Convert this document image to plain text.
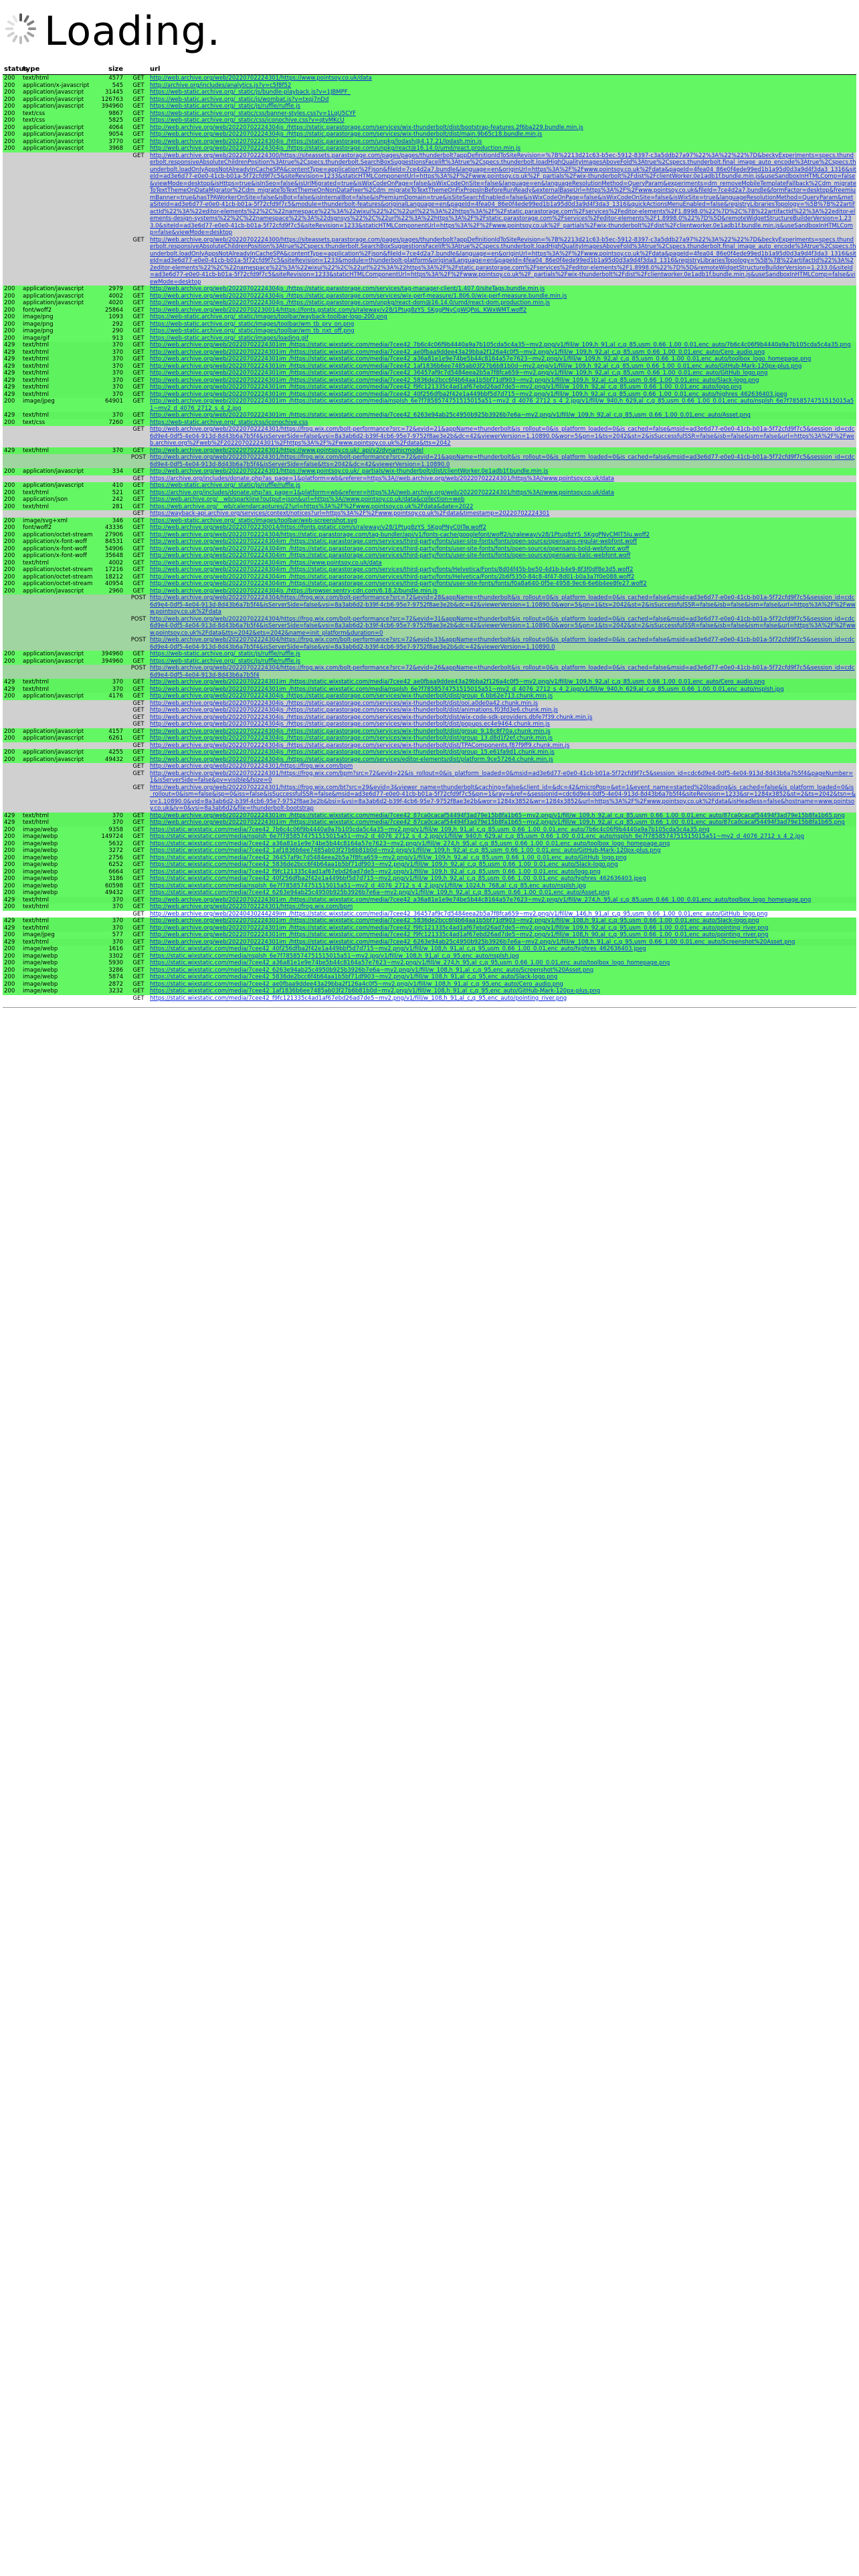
Loading.
status
type	size	url
200	text/html	4577	GET http://web.archive.org/web/20220702224301/https://www.pointsoy.co.uk/data
200	application/x-javascript	545	GET http://archive.org/includes/analytics.js?v=c5f8f52
200	application/javascript	31445	GET https://web-static.archive.org/_static/js/bundle-playback.js?v=1JBMPF_
200	application/javascript	126763	GET https://web-static.archive.org/_static/js/wombat.js?v=txqj7nDd
200	application/javascript	394960	GET https://web-static.archive.org/_static/js/ruffle/ruffle.js
200	text/css	9867	GET https://web-static.archive.org/_static/css/banner-styles.css?v=1LqU5CYF
200	text/css	5825	GET https://web-static.archive.org/_static/css/iconochive.css?v=qtvMKcU
200	application/javascript	4064	GET http://web.archive.org/web/20220702224304js_/https://static.parastorage.com/services/wix-thunderbolt/dist/bootstrap-features.2f6ba229.bundle.min.js
200	application/javascript	9054	GET http://web.archive.org/web/20220702224304js_/https://static.parastorage.com/services/wix-thunderbolt/dist/main.9b65c18.bundle.min.js
200	application/javascript	3770	GET http://web.archive.org/web/20220702224304js_/https://static.parastorage.com/unpkg/lodash@4.17.21/lodash.min.js
200	application/javascript	3968	GET http://web.archive.org/web/20220702224304js_/https://static.parastorage.com/unpkg/react@16.14.0/umd/react.production.min.js
GET http://web.archive.org/web/20220702224300/https://siteassets.parastorage.com/pages/pages/thunderbolt?appDefinitionIdToSiteRevision=%7B%2213d21c63-b5ec-5912-8397-c3a5ddb27a97%22%3A%22%22%7D&beckyExperiments=specs.thunderbolt.responsiveAbsoluteChildrenPosition%3Atrue%2Cspecs.thunderbolt.SearchBoxSuggestionsFacelift%3Atrue%2Cspecs.thunderbolt.loadHighQualityImagesAboveFold%3Atrue%2Cspecs.thunderbolt.final_image_auto_encode%3Atrue%2Cspecs.thunderbolt.loadOnlyAppsNotAlreadyInCacheSPA&contentType=application%2Fjson&fileId=7ce4d2a7.bundle&language=en&originUrl=https%3A%2F%2Fwww.pointsoy.co.uk%2Fdata&pageId=4fea04_86e0f4ede99ed1b1a95d0d3a9d4f3da3_1316&siteId=ad3e6d77-e0e0-41cb-b01a-5f72cfd9f7c5&siteRevision=1233&staticHTMLComponentUrl=https%3A%2F%2Fwww.pointsoy.co.uk%2F_partials%2Fwix-thunderbolt%2Fdist%2FclientWorker.0e1adb1f.bundle.min.js&useSandboxInHTMLComp=false&viewMode=desktop&isHttps=true&isInSeo=false&isUrlMigrated=true&isWixCodeOnPage=false&isWixCodeOnSite=false&language=en&languageResolutionMethod=QueryParam&experiments=dm_removeMobileTemplateFallback%2Cdm_migrateToTextThemeOnDataMigrator%2Cdm_migrateToTextThemeOnNonDataFixer%2Cdm_migrateToTextThemeOnFixPropsInBeforeRunReady&externalBaseUrl=https%3A%2F%2Fwww.pointsoy.co.uk&fileId=7ce4d2a7.bundle&formFactor=desktop&freemiumBanner=true&hasTPAWorkerOnSite=false&isBot=false&isInternalBot=false&isPremiumDomain=true&isSiteSearchEnabled=false&isWixCodeOnPage=false&isWixCodeOnSite=false&isWixSite=true&languageResolutionMethod=QueryParam&metaSiteId=ad3e6d77-e0e0-41cb-b01a-5f72cfd9f7c5&module=thunderbolt-features&originalLanguage=en&pageId=4fea04_86e0f4ede99ed1b1a95d0d3a9d4f3da3_1316&quickActionsMenuEnabled=false&registryLibrariesTopology=%5B%7B%22artifactId%22%3A%22editor-elements%22%2C%22namespace%22%3A%22wixui%22%2C%22url%22%3A%22https%3A%2F%2Fstatic.parastorage.com%2Fservices%2Feditor-elements%2F1.8998.0%22%7D%2C%7B%22artifactId%22%3A%22editor-elements-design-systems%22%2C%22namespace%22%3A%22dsgnsys%22%2C%22url%22%3A%22https%3A%2F%2Fstatic.parastorage.com%2Fservices%2Feditor-elements%2F1.8998.0%22%7D%5D&remoteWidgetStructureBuilderVersion=1.233.0&siteId=ad3e6d77-e0e0-41cb-b01a-5f72cfd9f7c5&siteRevision=1233&staticHTMLComponentUrl=https%3A%2F%2Fwww.pointsoy.co.uk%2F_partials%2Fwix-thunderbolt%2Fdist%2Fclientworker.0e1adb1f.bundle.min.js&useSandboxInHTMLComp=false&viewMode=desktop
GET http://web.archive.org/web/20220702224300/https://siteassets.parastorage.com/pages/pages/thunderbolt?appDefinitionIdToSiteRevision=%7B%2213d21c63-b5ec-5912-8397-c3a5ddb27a97%22%3A%22%22%7D&beckyExperiments=specs.thunderbolt.responsiveAbsoluteChildrenPosition%3Atrue%2Cspecs.thunderbolt.SearchBoxSuggestionsFacelift%3Atrue%2Cspecs.thunderbolt.loadHighQualityImagesAboveFold%3Atrue%2Cspecs.thunderbolt.final_image_auto_encode%3Atrue%2Cspecs.thunderbolt.loadOnlyAppsNotAlreadyInCacheSPA&contentType=application%2Fjson&fileId=7ce4d2a7.bundle&language=en&originUrl=https%3A%2F%2Fwww.pointsoy.co.uk%2Fdata&pageId=4fea04_86e0f4ede99ed1b1a95d0d3a9d4f3da3_1316&siteId=ad3e6d77-e0e0-41cb-b01a-5f72cfd9f7c5&siteRevision=1233&module=thunderbolt-platform&originalLanguage=en&pageId=4fea04_86e0f4ede99ed1b1a95d0d3a9d4f3da3_1316&registryLibrariesTopology=%5B%7B%22artifactId%22%3A%22editor-elements%22%2C%22namespace%22%3A%22wixui%22%2C%22url%22%3A%22https%3A%2F%2Fstatic.parastorage.com%2Fservices%2Feditor-elements%2F1.8998.0%22%7D%5D&remoteWidgetStructureBuilderVersion=1.233.0&siteId=ad3e6d77-e0e0-41cb-b01a-5f72cfd9f7c5&siteRevision=1233&staticHTMLComponentUrl=https%3A%2F%2Fwww.pointsoy.co.uk%2F_partials%2Fwix-thunderbolt%2Fdist%2Fclientworker.0e1adb1f.bundle.min.js&useSandboxInHTMLComp=false&viewMode=desktop
200	application/javascript	2979	GET http://web.archive.org/web/20220702224304js_/https://static.parastorage.com/services/tag-manager-client/1.407.0/siteTags.bundle.min.js
200	application/javascript	4002	GET http://web.archive.org/web/20220702224304js_/https://static.parastorage.com/services/wix-perf-measure/1.806.0/wix-perf-measure.bundle.min.js
200	application/javascript	4020	GET http://web.archive.org/web/20220702224304js_/https://static.parastorage.com/unpkg/react-dom@16.14.0/umd/react-dom.production.min.js
200	font/woff2	25864	GET http://web.archive.org/web/20220702230014/https://fonts.gstatic.com/s/raleway/v28/1Ptug8zYS_SKggPNyCgWQPoL_KWxWMT.woff2
200	image/png	1093	GET https://web-static.archive.org/_static/images/toolbar/wayback-toolbar-logo-200.png
200	image/png	292	GET https://web-static.archive.org/_static/images/toolbar/wm_tb_prv_on.png
200	image/png	290	GET https://web-static.archive.org/_static/images/toolbar/wm_tb_nxt_off.png
200	image/gif	913	GET https://web-static.archive.org/_static/images/loading.gif
429	text/html	370	GET http://web.archive.org/web/20220702224301im_/https://static.wixstatic.com/media/7cee42_7b6c4c06f9b4440a9a7b105cda5c4a35~mv2.png/v1/fill/w_109,h_91,al_c,q_85,usm_0.66_1.00_0.01,enc_auto/7b6c4c06f9b4440a9a7b105cda5c4a35.png
429	text/html	370	GET http://web.archive.org/web/20220702224301im_/https://static.wixstatic.com/media/7cee42_ae0fbaa9ddee43a29bba2f126a4c0f5~mv2.png/v1/fill/w_109,h_92,al_c,q_85,usm_0.66_1.00_0.01,enc_auto/Cero_audio.png
429	text/html	370	GET http://web.archive.org/web/20220702224301im_/https://static.wixstatic.com/media/7cee42_a36a81e1e9e74be5b44c8164a57e7623~mv2.png/v1/fill/w_109,h_92,al_c,q_85,usm_0.66_1.00_0.01,enc_auto/toolbox_logo_homepage.png
429	text/html	370	GET http://web.archive.org/web/20220702224301im_/https://static.wixstatic.com/media/7cee42_1af1836b6ee7485ab03f27b6b81b0d~mv2.png/v1/fill/w_109,h_92,al_c,q_85,usm_0.66_1.00_0.01,enc_auto/GitHub-Mark-120px-plus.png
429	text/html	370	GET http://web.archive.org/web/20220702224301im_/https://static.wixstatic.com/media/7cee42_36457af9c7d5484eea2b5a7f8fca659~mv2.png/v1/fill/w_109,h_92,al_c,q_85,usm_0.66_1.00_0.01,enc_auto/GitHub_logo.png
429	text/html	370	GET http://web.archive.org/web/20220702224301im_/https://static.wixstatic.com/media/7cee42_5836de2bcc6f4b64aa1b5bf71df903~mv2.png/v1/fill/w_109,h_92,al_c,q_85,usm_0.66_1.00_0.01,enc_auto/Slack-logo.png
429	text/html	370	GET http://web.archive.org/web/20220702224301im_/https://static.wixstatic.com/media/7cee42_f9fc121335c4ad1af67ebd26ad7de5~mv2.png/v1/fill/w_109,h_92,al_c,q_85,usm_0.66_1.00_0.01,enc_auto/logo.png
429	text/html	370	GET http://web.archive.org/web/20220702224301im_/https://static.wixstatic.com/media/7cee42_40f256dfba2f42e1a449bbf5d7d715~mv2.png/v1/fill/w_109,h_92,al_c,q_85,usm_0.66_1.00_0.01,enc_auto/highres_462636403.jpeg
200	image/jpeg	64901	GET http://web.archive.org/web/20220702224301im_/https://static.wixstatic.com/media/nsplsh_6e7f7858574751515015a51~mv2_d_4076_2712_s_4_2.jpg/v1/fill/w_940,h_629,al_c,q_85,usm_0.66_1.00_0.01,enc_auto/nsplsh_6e7f7858574751515015a51~mv2_d_4076_2712_s_4_2.jpg
429	text/html	370	GET http://web.archive.org/web/20220702224301im_/https://static.wixstatic.com/media/7cee42_6263e94ab25c4950b925b3926b7e6a~mv2.png/v1/fill/w_109,h_92,al_c,q_85,usm_0.66_1.00_0.01,enc_auto/Asset.png
200	text/css	7260	GET https://web-static.archive.org/_static/css/iconochive.css
GET http://web.archive.org/web/20220702224301/https://frog.wix.com/bolt-performance?src=72&evid=21&appName=thunderbolt&is_rollout=0&is_platform_loaded=0&is_cached=false&msid=ad3e6d77-e0e0-41cb-b01a-5f72cfd9f7c5&session_id=cdc6d9e4-0df5-4e04-913d-8d43b6a7b5f4&isServerSide=false&vsi=8a3ab6d2-b39f-4cb6-95e7-9752f8ae3e2b&dc=42&viewerVersion=1.10890.0&wor=5&pn=1&ts=2042&st=2&isSuccessfulSSR=false&isb=false&ism=false&url=https%3A%2F%2Fweb.archive.org%2Fweb%2F20220702224301%2Fhttps%3A%2F%2Fwww.pointsoy.co.uk%2Fdata&tts=2042
429	text/html	370	GET http://web.archive.org/web/20220702224301/https://www.pointsoy.co.uk/_api/v2/dynamicmodel
POST http://web.archive.org/web/20220702224301/https://frog.wix.com/bolt-performance?src=72&evid=21&appName=thunderbolt&is_rollout=0&is_platform_loaded=0&is_cached=false&msid=ad3e6d77-e0e0-41cb-b01a-5f72cfd9f7c5&session_id=cdc6d9e4-0df5-4e04-913d-8d43b6a7b5f4&isServerSide=false&tts=2042&dc=42&viewerVersion=1.10890.0
200	application/javascript	334	GET http://web.archive.org/web/20220702224301/https://www.pointsoy.co.uk/_partials/wix-thunderbolt/dist/clientWorker.0e1adb1f.bundle.min.js
GET https://archive.org/includes/donate.php?as_page=1&platform=wb&referer=https%3A//web.archive.org/web/20220702224301/https%3A//www.pointsoy.co.uk/data
200	application/javascript	410	GET https://web-static.archive.org/_static/js/ruffle/ruffle.js
200	text/html	521	GET https://archive.org/includes/donate.php?as_page=1&platform=wb&referer=https%3A//web.archive.org/web/20220702224301/https%3A//www.pointsoy.co.uk/data
200	application/json	242	GET https://web.archive.org/__wb/sparkline?output=json&url=https%3A//www.pointsoy.co.uk/data&collection=web
200	text/html	281	GET https://web.archive.org/__wb/calendarcaptures/2?url=https%3A%2F%2Fwww.pointsoy.co.uk%2Fdata&date=2022
GET https://wayback-api.archive.org/services/context/notices?url=https%3A%2F%2Fwww.pointsoy.co.uk%2Fdata&timestamp=20220702224301
200	image/svg+xml	346	GET https://web-static.archive.org/_static/images/toolbar/web-screenshot.svg
200	font/woff2	43336	GET http://web.archive.org/web/20220702230014/https://fonts.gstatic.com/s/raleway/v28/1Ptug8zYS_SKggPNyC0ITw.woff2
200	application/octet-stream	27906	GET http://web.archive.org/web/20220702224304/https://static.parastorage.com/tag-bundler/api/v1/fonts-cache/googlefont/woff2/s/raleway/v28/1Ptug8zYS_SKggPNyCMIT5lu.woff2
200	application/x-font-woff	84531	GET http://web.archive.org/web/20220702224304im_/https://static.parastorage.com/services/third-party/fonts/user-site-fonts/fonts/open-source/opensans-regular-webfont.woff
200	application/x-font-woff	54906	GET http://web.archive.org/web/20220702224304im_/https://static.parastorage.com/services/third-party/fonts/user-site-fonts/fonts/open-source/opensans-bold-webfont.woff
200	application/x-font-woff	35648	GET http://web.archive.org/web/20220702224304im_/https://static.parastorage.com/services/third-party/fonts/user-site-fonts/fonts/open-source/opensans-italic-webfont.woff
200	text/html	4002	GET http://web.archive.org/web/20220702224304im_/https://www.pointsoy.co.uk/data
200	application/octet-stream	17216	GET http://web.archive.org/web/20220702224304im_/https://static.parastorage.com/services/third-party/fonts/Helvetica/Fonts/8d04f45b-be50-4d1b-b4e9-8f3f0df8e3d5.woff2
200	application/octet-stream	18212	GET http://web.archive.org/web/20220702224304im_/https://static.parastorage.com/services/third-party/fonts/Helvetica/Fonts/2b6f5350-84c8-4f47-8d01-b0a3a7f0e088.woff2
200	application/octet-stream	40954	GET http://web.archive.org/web/20220702224304im_/https://static.parastorage.com/services/third-party/fonts/user-site-fonts/fonts/f0a8a640-0f5e-4958-9ec6-6e6b4ee8fe27.woff2
200	application/javascript	2960	GET http://web.archive.org/web/20220702224304js_/https://browser.sentry-cdn.com/6.18.2/bundle.min.js
POST http://web.archive.org/web/20220702224304/https://frog.wix.com/bolt-performance?src=72&evid=28&appName=thunderbolt&is_rollout=0&is_platform_loaded=0&is_cached=false&msid=ad3e6d77-e0e0-41cb-b01a-5f72cfd9f7c5&session_id=cdc6d9e4-0df5-4e04-913d-8d43b6a7b5f4&isServerSide=false&vsi=8a3ab6d2-b39f-4cb6-95e7-9752f8ae3e2b&dc=42&viewerVersion=1.10890.0&wor=5&pn=1&ts=2042&st=2&isSuccessfulSSR=false&isb=false&ism=false&url=https%3A%2F%2Fwww.pointsoy.co.uk%2Fdata
POST http://web.archive.org/web/20220702224304/https://frog.wix.com/bolt-performance?src=72&evid=31&appName=thunderbolt&is_rollout=0&is_platform_loaded=0&is_cached=false&msid=ad3e6d77-e0e0-41cb-b01a-5f72cfd9f7c5&session_id=cdc6d9e4-0df5-4e04-913d-8d43b6a7b5f4&isServerSide=false&vsi=8a3ab6d2-b39f-4cb6-95e7-9752f8ae3e2b&dc=42&viewerVersion=1.10890.0&wor=5&pn=1&ts=2042&st=2&isSuccessfulSSR=false&isb=false&ism=false&url=https%3A%2F%2Fwww.pointsoy.co.uk%2Fdata&tts=2042&ets=2042&name=init_platform&duration=0
POST http://web.archive.org/web/20220702224304/https://frog.wix.com/bolt-performance?src=72&evid=33&appName=thunderbolt&is_rollout=0&is_platform_loaded=0&is_cached=false&msid=ad3e6d77-e0e0-41cb-b01a-5f72cfd9f7c5&session_id=cdc6d9e4-0df5-4e04-913d-8d43b6a7b5f4&isServerSide=false&vsi=8a3ab6d2-b39f-4cb6-95e7-9752f8ae3e2b&dc=42&viewerVersion=1.10890.0
200	application/javascript	394960	GET https://web-static.archive.org/_static/js/ruffle/ruffle.js
200	application/javascript	394960	GET https://web-static.archive.org/_static/js/ruffle/ruffle.js
POST http://web.archive.org/web/20220702224304/https://frog.wix.com/bolt-performance?src=72&evid=26&appName=thunderbolt&is_rollout=0&is_platform_loaded=0&is_cached=false&msid=ad3e6d77-e0e0-41cb-b01a-5f72cfd9f7c5&session_id=cdc6d9e4-0df5-4e04-913d-8d43b6a7b5f4
429	text/html	370	GET http://web.archive.org/web/20220702224301im_/https://static.wixstatic.com/media/7cee42_ae0fbaa9ddee43a29bba2f126a4c0f5~mv2.png/v1/fill/w_109,h_92,al_c,q_85,usm_0.66_1.00_0.01,enc_auto/Cero_audio.png
429	text/html	370	GET http://web.archive.org/web/20220702224301im_/https://static.wixstatic.com/media/nsplsh_6e7f7858574751515015a51~mv2_d_4076_2712_s_4_2.jpg/v1/fill/w_940,h_629,al_c,q_85,usm_0.66_1.00_0.01,enc_auto/nsplsh.jpg
200	application/javascript	4176	GET http://web.archive.org/web/20220702224304js_/https://static.parastorage.com/services/wix-thunderbolt/dist/group_6.bb62e713.chunk.min.js
GET http://web.archive.org/web/20220702224304js_/https://static.parastorage.com/services/wix-thunderbolt/dist/ooi.a0de0a42.chunk.min.js
GET http://web.archive.org/web/20220702224304js_/https://static.parastorage.com/services/wix-thunderbolt/dist/animations.f03fd3e6.chunk.min.js
GET http://web.archive.org/web/20220702224304js_/https://static.parastorage.com/services/wix-thunderbolt/dist/wix-code-sdk-providers.dbfe7f39.chunk.min.js
GET http://web.archive.org/web/20220702224304js_/https://static.parastorage.com/services/wix-thunderbolt/dist/popups.ec4e9464.chunk.min.js
200	application/javascript	4157	GET http://web.archive.org/web/20220702224304js_/https://static.parastorage.com/services/wix-thunderbolt/dist/group_9.18c8f70a.chunk.min.js
200	application/javascript	6261	GET http://web.archive.org/web/20220702224304js_/https://static.parastorage.com/services/wix-thunderbolt/dist/group_13.d8d1f2ef.chunk.min.js
GET http://web.archive.org/web/20220702224304js_/https://static.parastorage.com/services/wix-thunderbolt/dist/TPAComponents.f87f9ff9.chunk.min.js
200	application/javascript	4255	GET http://web.archive.org/web/20220702224304js_/https://static.parastorage.com/services/wix-thunderbolt/dist/group_15.e61fa9d1.chunk.min.js
200	application/javascript	49432	GET http://web.archive.org/web/20220702224304js_/https://static.parastorage.com/services/editor-elements/dist/platform.9ce57264.chunk.min.js
GET http://web.archive.org/web/20220702224301/https://frog.wix.com/bpm
GET http://web.archive.org/web/20220702224301/https://frog.wix.com/bpm?src=72&evid=22&is_rollout=0&is_platform_loaded=0&msid=ad3e6d77-e0e0-41cb-b01a-5f72cfd9f7c5&session_id=cdc6d9e4-0df5-4e04-913d-8d43b6a7b5f4&pageNumber=1&isServerSide=false&pv=visible&fsize=0
GET http://web.archive.org/web/20220702224301/https://frog.wix.com/bt?src=29&evid=3&viewer_name=thunderbolt&caching=false&client_id=&dc=42&microPop=&et=1&event_name=started%20loading&is_cached=false&is_platform_loaded=0&is_rollout=0&ism=false&isp=0&iss=false&isSuccessfulSSR=false&msid=ad3e6d77-e0e0-41cb-b01a-5f72cfd9f7c5&pn=1&ray=&ref=&sessionId=cdc6d9e4-0df5-4e04-913d-8d43b6a7b5f4&siteRevision=1233&sr=1284x3852&st=2&ts=2042&tsn=&v=1.10890.0&vid=8a3ab6d2-b39f-4cb6-95e7-9752f8ae3e2b&bsi=&vsi=8a3ab6d2-b39f-4cb6-95e7-9752f8ae3e2b&wor=1284x3852&wr=1284x3852&url=https%3A%2F%2Fwww.pointsoy.co.uk%2Fdata&isHeadless=false&hostname=www.pointsoy.co.uk&lv=0&vsi=8a3ab6d2&file=thunderbolt-bootstrap
429	text/html	370	GET http://web.archive.org/web/20220702224301im_/https://static.wixstatic.com/media/7cee42_87ca0cacaf54494f3ad79e15b8fa1b65~mv2.png/v1/fill/w_109,h_92,al_c,q_85,usm_0.66_1.00_0.01,enc_auto/87ca0cacaf54494f3ad79e15b8fa1b65.png
429	text/html	370	GET http://web.archive.org/web/20220702224301im_/https://static.wixstatic.com/media/7cee42_87ca0cacaf54494f3ad79e15b8fa1b65~mv2.png/v1/fill/w_109,h_92,al_c,q_85,usm_0.66_1.00_0.01,enc_auto/87ca0cacaf54494f3ad79e15b8fa1b65.png
200	image/webp	9358	GET https://static.wixstatic.com/media/7cee42_7b6c4c06f9b4440a9a7b105cda5c4a35~mv2.png/v1/fill/w_109,h_91,al_c,q_85,usm_0.66_1.00_0.01,enc_auto/7b6c4c06f9b4440a9a7b105cda5c4a35.png
200	image/webp	149724	GET https://static.wixstatic.com/media/nsplsh_6e7f7858574751515015a51~mv2_d_4076_2712_s_4_2.jpg/v1/fill/w_940,h_629,al_c,q_85,usm_0.66_1.00_0.01,enc_auto/nsplsh_6e7f7858574751515015a51~mv2_d_4076_2712_s_4_2.jpg
200	image/webp	5632	GET https://static.wixstatic.com/media/7cee42_a36a81e1e9e74be5b44c8164a57e7623~mv2.png/v1/fill/w_274,h_95,al_c,q_85,usm_0.66_1.00_0.01,enc_auto/toolbox_logo_homepage.png
200	image/webp	3272	GET https://static.wixstatic.com/media/7cee42_1af1836b6ee7485ab03f27b6b81b0d~mv2.png/v1/fill/w_109,h_92,al_c,q_85,usm_0.66_1.00_0.01,enc_auto/GitHub-Mark-120px-plus.png
200	image/webp	2756	GET https://static.wixstatic.com/media/7cee42_36457af9c7d5484eea2b5a7f8fca659~mv2.png/v1/fill/w_109,h_92,al_c,q_85,usm_0.66_1.00_0.01,enc_auto/GitHub_logo.png
200	image/webp	6252	GET https://static.wixstatic.com/media/7cee42_5836de2bcc6f4b64aa1b5bf71df903~mv2.png/v1/fill/w_109,h_92,al_c,q_85,usm_0.66_1.00_0.01,enc_auto/Slack-logo.png
200	image/webp	6664	GET https://static.wixstatic.com/media/7cee42_f9fc121335c4ad1af67ebd26ad7de5~mv2.png/v1/fill/w_109,h_92,al_c,q_85,usm_0.66_1.00_0.01,enc_auto/logo.png
200	image/webp	3186	GET https://static.wixstatic.com/media/7cee42_40f256dfba2f42e1a449bbf5d7d715~mv2.png/v1/fill/w_109,h_92,al_c,q_85,usm_0.66_1.00_0.01,enc_auto/highres_462636403.jpeg
200	image/webp	60598	GET https://static.wixstatic.com/media/nsplsh_6e7f7858574751515015a51~mv2_d_4076_2712_s_4_2.jpg/v1/fill/w_1024,h_768,al_c,q_85,enc_auto/nsplsh.jpg
200	image/webp	49432	GET https://static.wixstatic.com/media/7cee42_6263e94ab25c4950b925b3926b7e6a~mv2.png/v1/fill/w_109,h_92,al_c,q_85,usm_0.66_1.00_0.01,enc_auto/Asset.png
429	text/html	370	GET http://web.archive.org/web/20220702224301im_/https://static.wixstatic.com/media/7cee42_a36a81e1e9e74be5b44c8164a57e7623~mv2.png/v1/fill/w_274,h_95,al_c,q_85,usm_0.66_1.00_0.01,enc_auto/toolbox_logo_homepage.png
200	text/html	370	GET http://web.archive.org/web/20220702224301/https://frog.wix.com/bpm
GET http://web.archive.org/web/20240430244249im_/https://static.wixstatic.com/media/7cee42_36457af9c7d5484eea2b5a7f8fca659~mv2.png/v1/fill/w_146,h_91,al_c,q_95,usm_0.66_1.00_0.01,enc_auto/GitHub_logo.png
429	text/html	370	GET http://web.archive.org/web/20220702224301im_/https://static.wixstatic.com/media/7cee42_5836de2bcc6f4b64aa1b5bf71df903~mv2.png/v1/fill/w_108,h_91,al_c,q_95,usm_0.66_1.00_0.01,enc_auto/Slack-logo.png
429	text/html	370	GET http://web.archive.org/web/20220702224301im_/https://static.wixstatic.com/media/7cee42_f9fc121335c4ad1af67ebd26ad7de5~mv2.png/v1/fill/w_109,h_92,al_c,q_95,usm_0.66_1.00_0.01,enc_auto/pointing_river.png
200	image/jpeg	577	GET http://web.archive.org/web/20220702224301im_/https://static.wixstatic.com/media/7cee42_f9fc121335c4ad1af67ebd26ad7de5~mv2.png/v1/fill/w_108,h_90,al_c,q_95,usm_0.66_1.00_0.01,enc_auto/pointing_river.png
429	text/html	370	GET http://web.archive.org/web/20220702224301im_/https://static.wixstatic.com/media/7cee42_6263e94ab25c4950b925b3926b7e6a~mv2.png/v1/fill/w_108,h_91,al_c,q_95,usm_0.66_1.00_0.01,enc_auto/Screenshot%20Asset.png
200	image/webp	1616	GET https://static.wixstatic.com/media/7cee42_40f256dfba2f42e1a449bbf5d7d715~mv2.png/v1/fill/w_108,h_91,al_c,q_95,usm_0.66_1.00_0.01,enc_auto/highres_462636403.jpeg
200	image/webp	3302	GET https://static.wixstatic.com/media/nsplsh_6e7f7858574751515015a51~mv2.jpg/v1/fill/w_108,h_91,al_c,q_95,enc_auto/nsplsh.jpg
200	image/webp	5930	GET https://static.wixstatic.com/media/7cee42_a36a81e1e9e74be5b44c8164a57e7623~mv2.png/v1/fill/w_274,h_95,al_c,q_95,usm_0.66_1.00_0.01,enc_auto/toolbox_logo_homepage.png
200	image/webp	3286	GET https://static.wixstatic.com/media/7cee42_6263e94ab25c4950b925b3926b7e6a~mv2.png/v1/fill/w_108,h_91,al_c,q_95,enc_auto/Screenshot%20Asset.png
200	image/webp	5874	GET https://static.wixstatic.com/media/7cee42_5836de2bcc6f4b64aa1b5bf71df903~mv2.png/v1/fill/w_108,h_91,al_c,q_95,enc_auto/Slack-logo.png
200	image/webp	2872	GET https://static.wixstatic.com/media/7cee42_ae0fbaa9ddee43a29bba2f126a4c0f5~mv2.png/v1/fill/w_108,h_91,al_c,q_95,enc_auto/Cero_audio.png
200	image/webp	3232	GET https://static.wixstatic.com/media/7cee42_1af1836b6ee7485ab03f27b6b81b0d~mv2.png/v1/fill/w_108,h_91,al_c,q_95,enc_auto/GitHub-Mark-120px-plus.png
GET https://static.wixstatic.com/media/7cee42_f9fc121335c4ad1af67ebd26ad7de5~mv2.png/v1/fill/w_108,h_91,al_c,q_95,enc_auto/pointing_river.png
